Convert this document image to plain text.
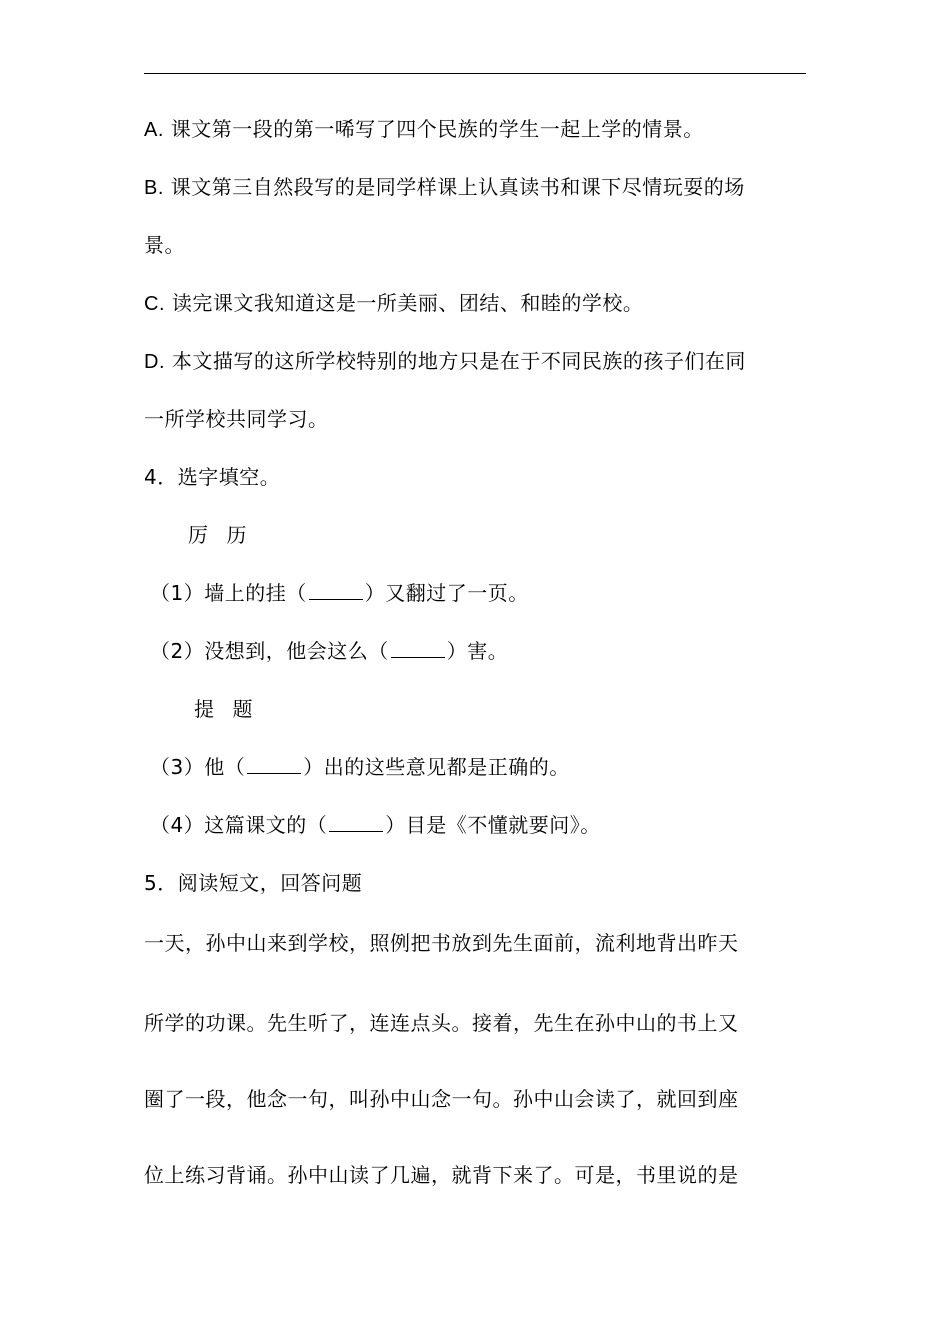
A. 课文第一段的第一唏写了四个民族的学生一起上学的情景。
B. 课文第三自然段写的是同学样课上认真读书和课下尽情玩耍的场
景。
C. 读完课文我知道这是一所美丽、团结、和睦的学校。
D. 本文描写的这所学校特别的地方只是在于不同民族的孩子们在同
一所学校共同学习。
4．选字填空。
厉 历
（1）墙上的挂（	）又翻过了一页。
（2）没想到，他会这么（	）害。
提 题
（3）他（	）出的这些意见都是正确的。
（4）这篇课文的（	）目是《不懂就要问》。
5．阅读短文，回答问题
一天，孙中山来到学校，照例把书放到先生面前，流利地背出昨天
所学的功课。先生听了，连连点头。接着，先生在孙中山的书上又
圈了一段，他念一句，叫孙中山念一句。孙中山会读了，就回到座
位上练习背诵。孙中山读了几遍，就背下来了。可是，书里说的是
